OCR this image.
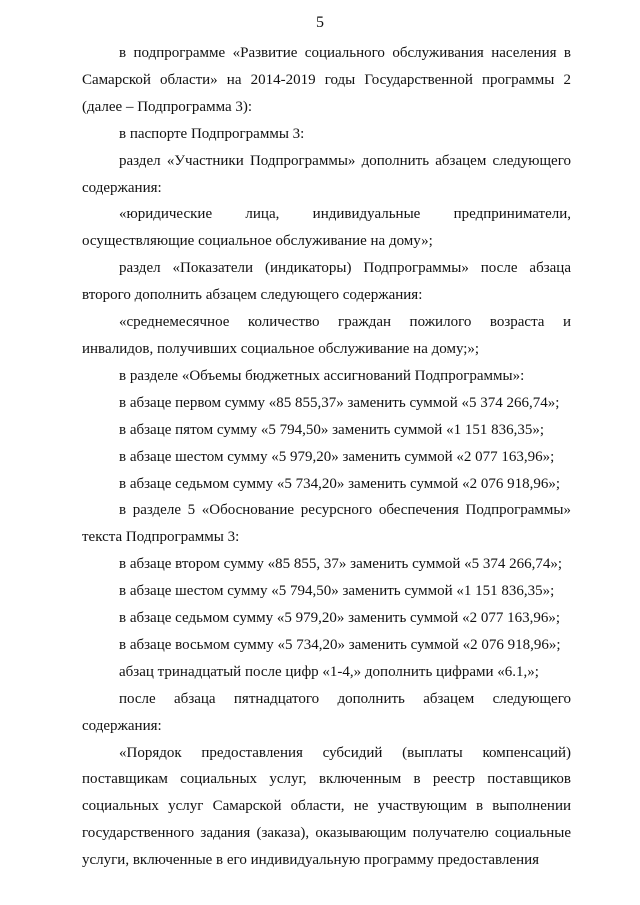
5

в подпрограмме «Развитие социального обслуживания населения в Самарской области» на 2014-2019 годы Государственной программы 2 (далее – Подпрограмма 3):

в паспорте Подпрограммы 3:

раздел «Участники Подпрограммы» дополнить абзацем следующего содержания:

«юридические лица, индивидуальные предприниматели, осуществляющие социальное обслуживание на дому»;

раздел «Показатели (индикаторы) Подпрограммы» после абзаца второго дополнить абзацем следующего содержания:

«среднемесячное количество граждан пожилого возраста и инвалидов, получивших социальное обслуживание на дому;»;

в разделе «Объемы бюджетных ассигнований Подпрограммы»:

в абзаце первом сумму «85 855,37» заменить суммой «5 374 266,74»;

в абзаце пятом сумму «5 794,50» заменить суммой «1 151 836,35»;

в абзаце шестом сумму «5 979,20» заменить суммой «2 077 163,96»;

в абзаце седьмом сумму «5 734,20» заменить суммой «2 076 918,96»;

в разделе 5 «Обоснование ресурсного обеспечения Подпрограммы» текста Подпрограммы 3:

в абзаце втором сумму «85 855, 37» заменить суммой «5 374 266,74»;

в абзаце шестом сумму «5 794,50» заменить суммой «1 151 836,35»;

в абзаце седьмом сумму «5 979,20» заменить суммой «2 077 163,96»;

в абзаце восьмом сумму «5 734,20» заменить суммой «2 076 918,96»;

абзац тринадцатый после цифр «1-4,» дополнить цифрами «6.1,»;

после абзаца пятнадцатого дополнить абзацем следующего содержания:

«Порядок предоставления субсидий (выплаты компенсаций) поставщикам социальных услуг, включенным в реестр поставщиков социальных услуг Самарской области, не участвующим в выполнении государственного задания (заказа), оказывающим получателю социальные услуги, включенные в его индивидуальную программу предоставления
